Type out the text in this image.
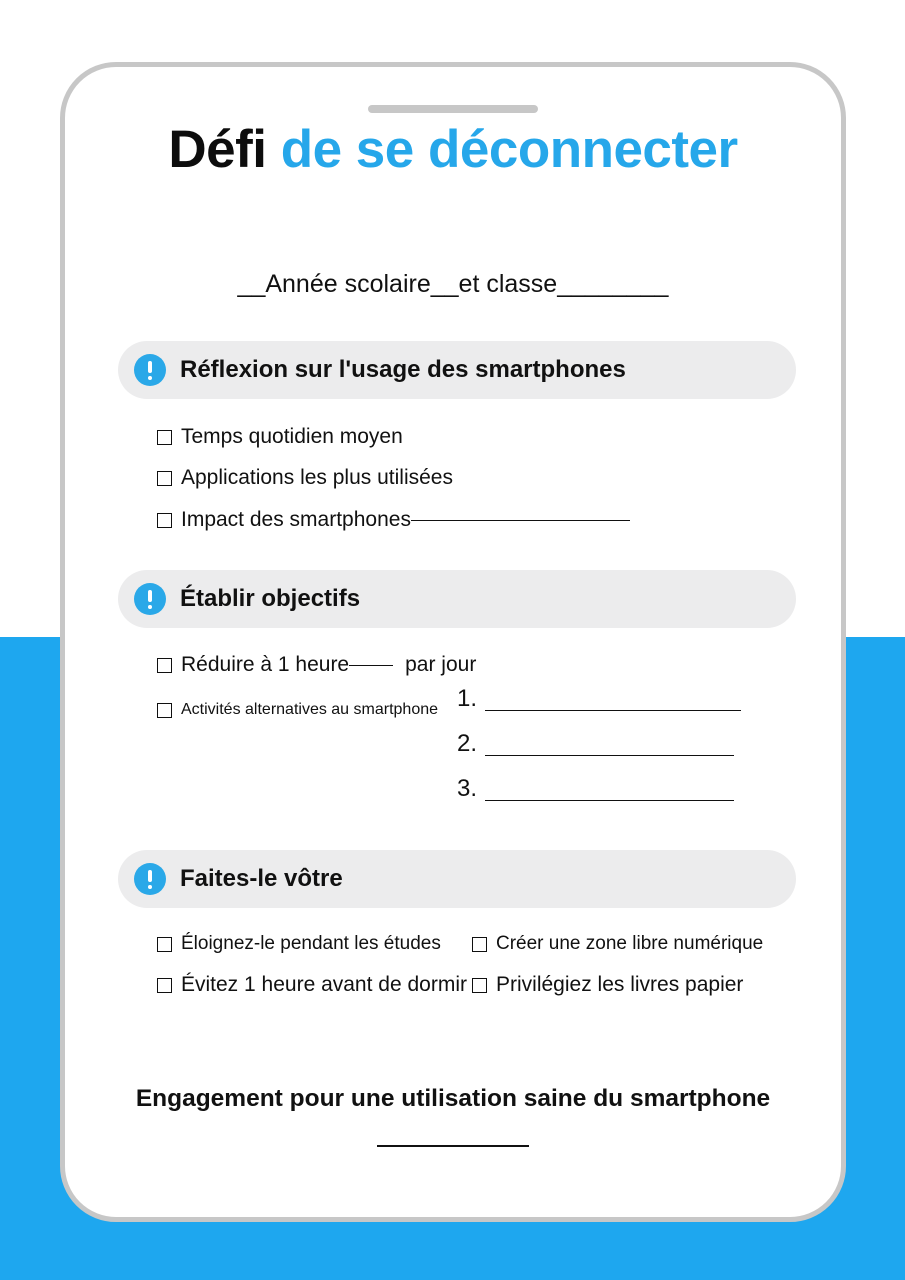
Défi de se déconnecter
__Année scolaire__et classe________
Réflexion sur l'usage des smartphones
Temps quotidien moyen
Applications les plus utilisées
Impact des smartphones
Établir objectifs
Réduire à 1 heure	par jour
Activités alternatives au smartphone 1.
2.
3.
Faites-le vôtre
Éloignez-le pendant les études	Créer une zone libre numérique
Évitez 1 heure avant de dormir Privilégiez les livres papier
Engagement pour une utilisation saine du smartphone
